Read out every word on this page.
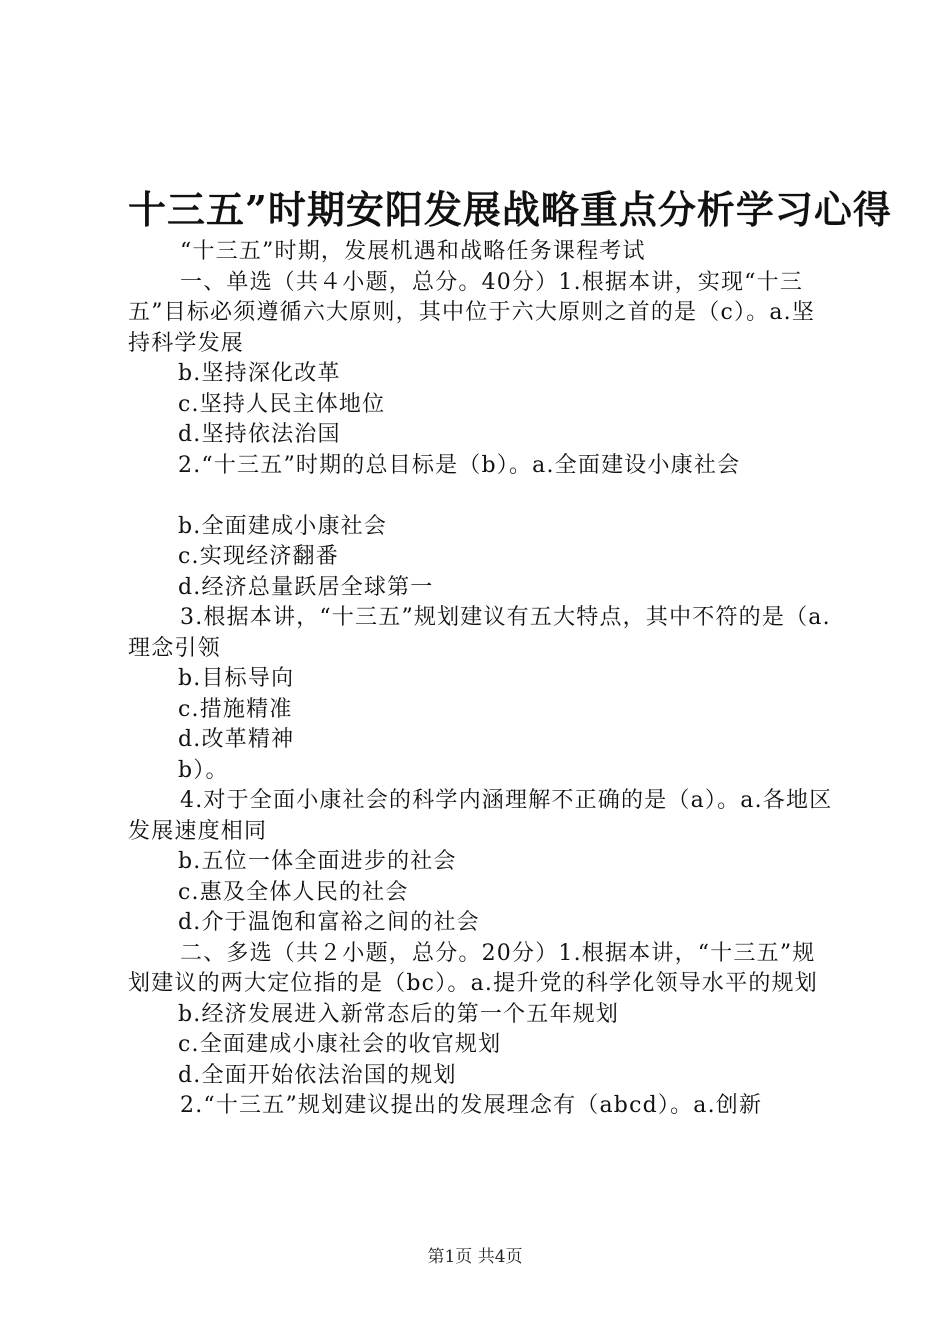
十三五”时期安阳发展战略重点分析学习心得

“十三五”时期，发展机遇和战略任务课程考试

一、单选（共４小题，总分。40分）1.根据本讲，实现“十三五”目标必须遵循六大原则，其中位于六大原则之首的是（c）。a.坚持科学发展

b.坚持深化改革

c.坚持人民主体地位

d.坚持依法治国

2.“十三五”时期的总目标是（b）。a.全面建设小康社会

b.全面建成小康社会

c.实现经济翻番

d.经济总量跃居全球第一

3.根据本讲，“十三五”规划建议有五大特点，其中不符的是（a.理念引领

b.目标导向

c.措施精准

d.改革精神

b）。

4.对于全面小康社会的科学内涵理解不正确的是（a）。a.各地区发展速度相同

b.五位一体全面进步的社会

c.惠及全体人民的社会

d.介于温饱和富裕之间的社会

二、多选（共２小题，总分。20分）1.根据本讲，“十三五”规划建议的两大定位指的是（bc）。a.提升党的科学化领导水平的规划

b.经济发展进入新常态后的第一个五年规划

c.全面建成小康社会的收官规划

d.全面开始依法治国的规划

2.“十三五”规划建议提出的发展理念有（abcd）。a.创新

第1页 共4页
